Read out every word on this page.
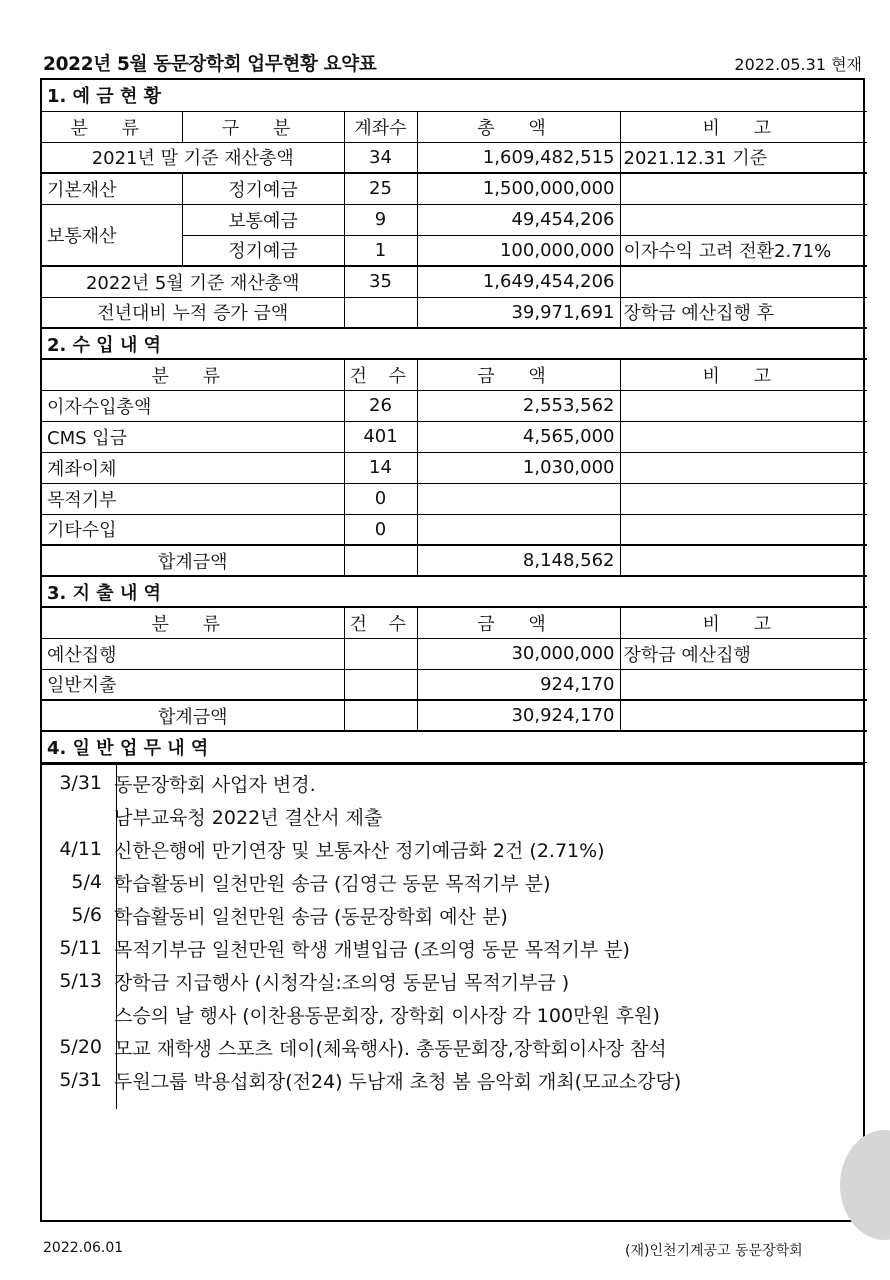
2022년 5월 동문장학회 업무현황 요약표	2022.05.31 현재
1. 예 금 현 황				
분 류	구 분	계좌수	총 액	비 고
2021년 말 기준 재산총액		34	1,609,482,515	2021.12.31 기준
기본재산	정기예금	25	1,500,000,000	
보통재산	보통예금	9	49,454,206	
	정기예금	1	100,000,000	이자수익 고려 전환2.71%
2022년 5월 기준 재산총액		35	1,649,454,206	
전년대비 누적 증가 금액			39,971,691	장학금 예산집행 후
2. 수 입 내 역				
분 류		건 수	금 액	비 고
이자수입총액		26	2,553,562	
CMS 입금		401	4,565,000	
계좌이체		14	1,030,000	
목적기부		0		
기타수입		0		
합계금액			8,148,562	
3. 지 출 내 역				
분 류		건 수	금 액	비 고
예산집행			30,000,000	장학금 예산집행
일반지출			924,170	
합계금액			30,924,170	
4. 일 반 업 무 내 역				
3/31 동문장학회 사업자 변경.
남부교육청 2022년 결산서 제출
4/11 신한은행에 만기연장 및 보통자산 정기예금화 2건 (2.71%)
5/4 학습활동비 일천만원 송금 (김영근 동문 목적기부 분)
5/6 학습활동비 일천만원 송금 (동문장학회 예산 분)
5/11 목적기부금 일천만원 학생 개별입금 (조의영 동문 목적기부 분)
5/13 장학금 지급행사 (시청각실:조의영 동문님 목적기부금 )
스승의 날 행사 (이찬용동문회장, 장학회 이사장 각 100만원 후원)
5/20 모교 재학생 스포츠 데이(체육행사). 총동문회장,장학회이사장 참석
5/31 두원그룹 박용섭회장(전24) 두남재 초청 봄 음악회 개최(모교소강당)
2022.06.01	(재)인천기계공고 동문장학회
